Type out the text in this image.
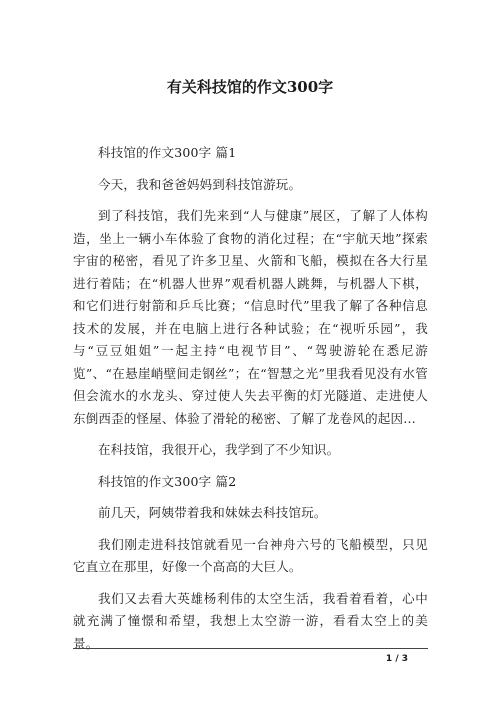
有关科技馆的作文300字

科技馆的作文300字 篇1

今天，我和爸爸妈妈到科技馆游玩。

到了科技馆，我们先来到“人与健康”展区，了解了人体构造，坐上一辆小车体验了食物的消化过程；在“宇航天地”探索宇宙的秘密，看见了许多卫星、火箭和飞船，模拟在各大行星进行着陆；在“机器人世界”观看机器人跳舞，与机器人下棋，和它们进行射箭和乒乓比赛；“信息时代”里我了解了各种信息技术的发展，并在电脑上进行各种试验；在“视听乐园”，我与“豆豆姐姐”一起主持“电视节目”、“驾驶游轮在悉尼游览”、“在悬崖峭壁间走钢丝”；在“智慧之光”里我看见没有水管但会流水的水龙头、穿过使人失去平衡的灯光隧道、走进使人东倒西歪的怪屋、体验了滑轮的秘密、了解了龙卷风的起因…

在科技馆，我很开心，我学到了不少知识。

科技馆的作文300字 篇2

前几天，阿姨带着我和妹妹去科技馆玩。

我们刚走进科技馆就看见一台神舟六号的飞船模型，只见它直立在那里，好像一个高高的大巨人。

我们又去看大英雄杨利伟的太空生活，我看着看着，心中就充满了憧憬和希望，我想上太空游一游，看看太空上的美景。

1 / 3
